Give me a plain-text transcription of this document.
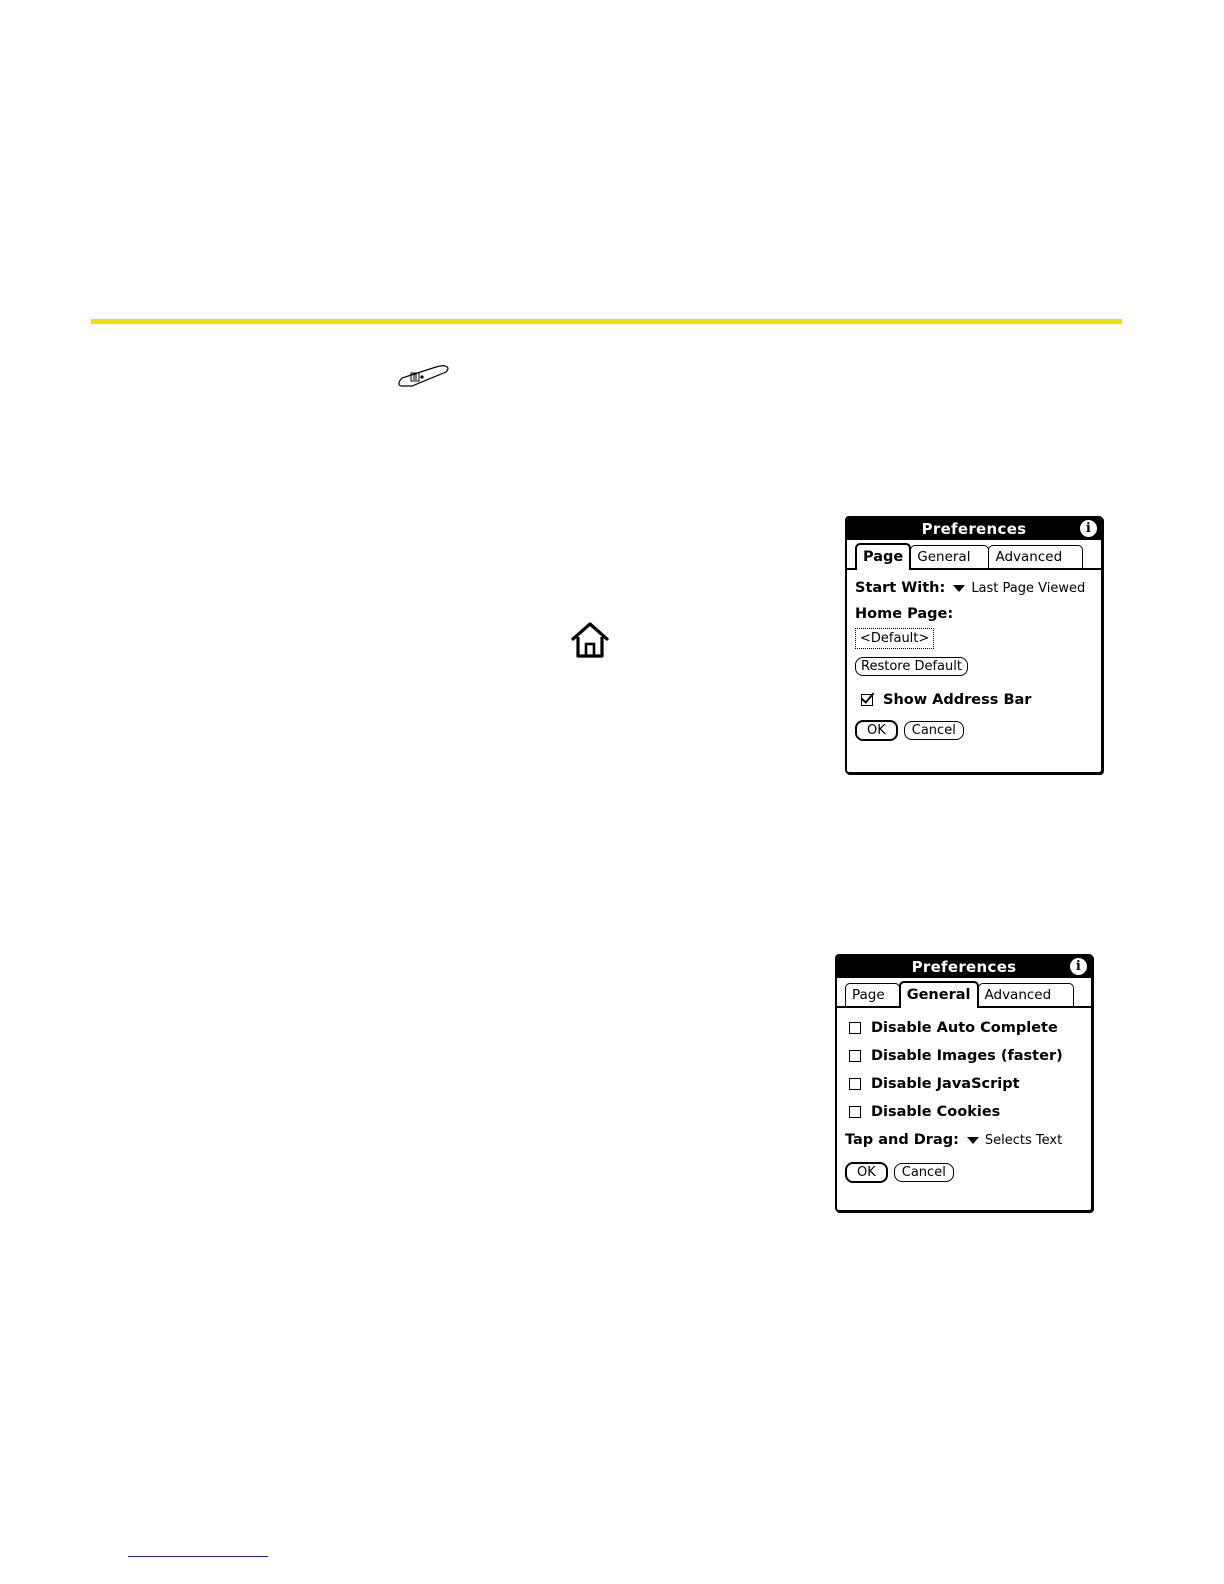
Preferences	i
Page	General	Advanced
Start With: Last Page Viewed
Home Page:
<Default>
Restore Default
Show Address Bar
OK	Cancel
Preferences	i
Page	General	Advanced
Disable Auto Complete
Disable Images (faster)
Disable JavaScript
Disable Cookies
Tap and Drag: Selects Text
OK	Cancel
